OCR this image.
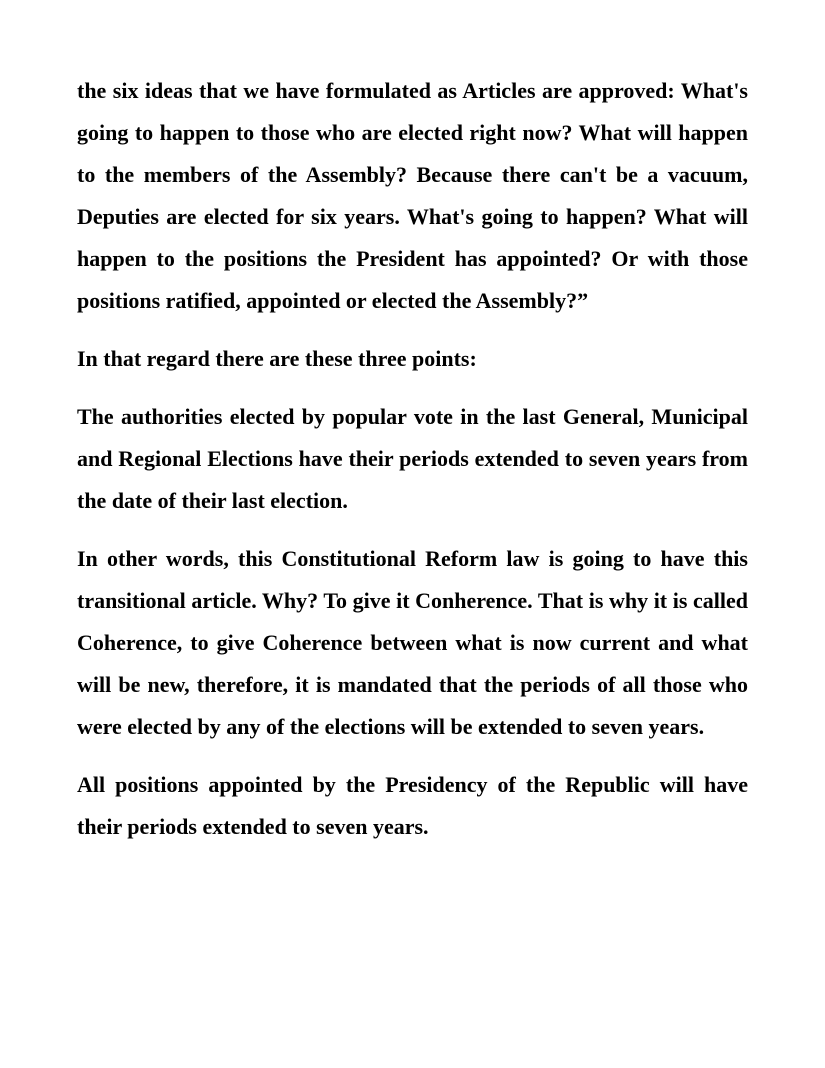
the six ideas that we have formulated as Articles are approved: What's going to happen to those who are elected right now? What will happen to the members of the Assembly? Because there can't be a vacuum, Deputies are elected for six years. What's going to happen? What will happen to the positions the President has appointed? Or with those positions ratified, appointed or elected the Assembly?”

In that regard there are these three points:

The authorities elected by popular vote in the last General, Municipal and Regional Elections have their periods extended to seven years from the date of their last election.

In other words, this Constitutional Reform law is going to have this transitional article. Why? To give it Conherence. That is why it is called Coherence, to give Coherence between what is now current and what will be new, therefore, it is mandated that the periods of all those who were elected by any of the elections will be extended to seven years.

All positions appointed by the Presidency of the Republic will have their periods extended to seven years.
